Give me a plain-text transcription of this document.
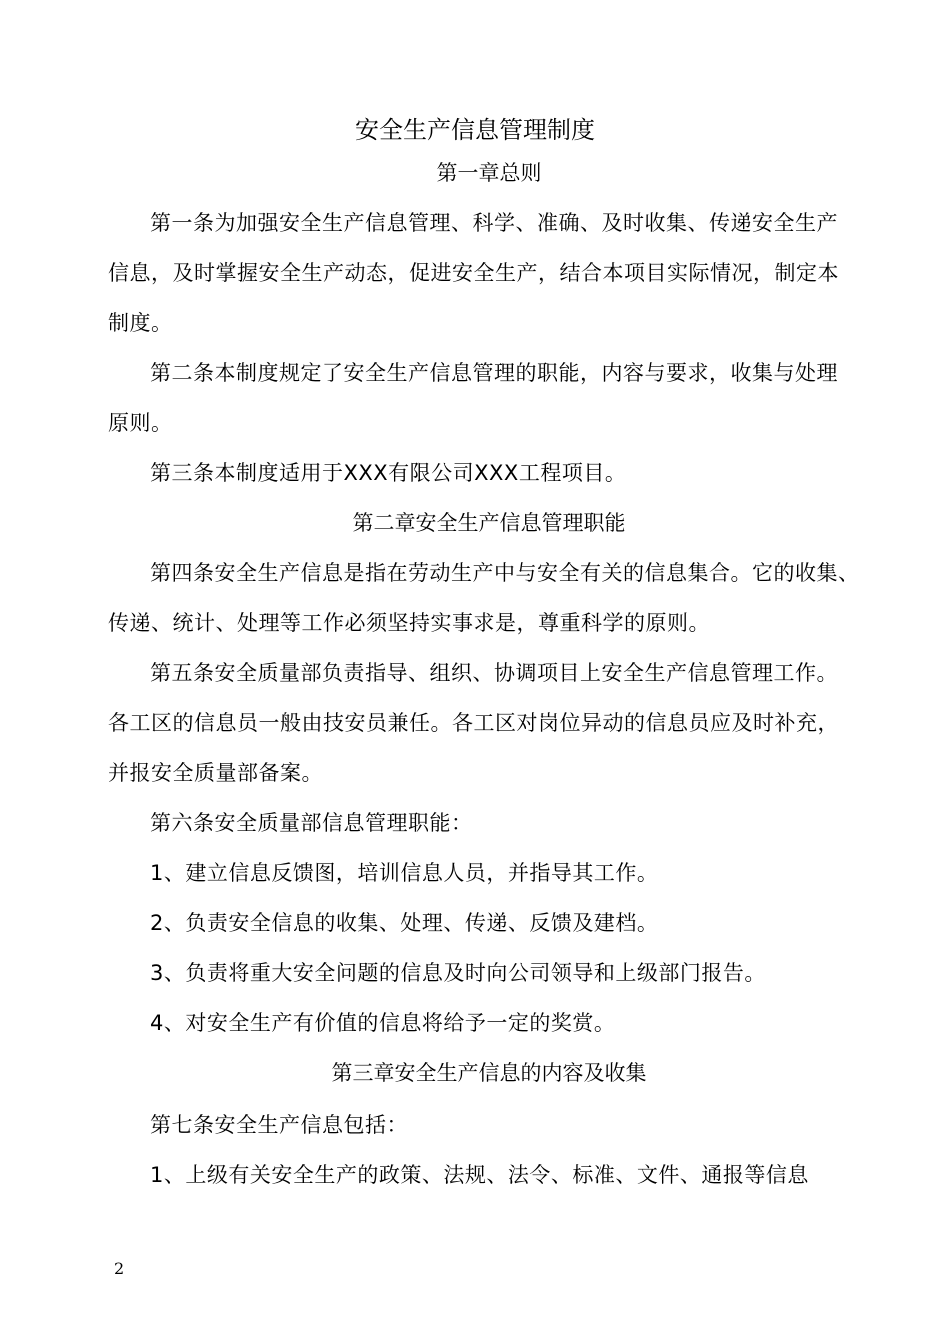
安全生产信息管理制度
第一章总则
第一条为加强安全生产信息管理、科学、准确、及时收集、传递安全生产
信息，及时掌握安全生产动态，促进安全生产，结合本项目实际情况，制定本
制度。
第二条本制度规定了安全生产信息管理的职能，内容与要求，收集与处理
原则。
第三条本制度适用于XXX有限公司XXX工程项目。
第二章安全生产信息管理职能
第四条安全生产信息是指在劳动生产中与安全有关的信息集合。它的收集、
传递、统计、处理等工作必须坚持实事求是，尊重科学的原则。
第五条安全质量部负责指导、组织、协调项目上安全生产信息管理工作。
各工区的信息员一般由技安员兼任。各工区对岗位异动的信息员应及时补充，
并报安全质量部备案。
第六条安全质量部信息管理职能：
1、建立信息反馈图，培训信息人员，并指导其工作。
2、负责安全信息的收集、处理、传递、反馈及建档。
3、负责将重大安全问题的信息及时向公司领导和上级部门报告。
4、对安全生产有价值的信息将给予一定的奖赏。
第三章安全生产信息的内容及收集
第七条安全生产信息包括：
1、上级有关安全生产的政策、法规、法令、标准、文件、通报等信息
2
